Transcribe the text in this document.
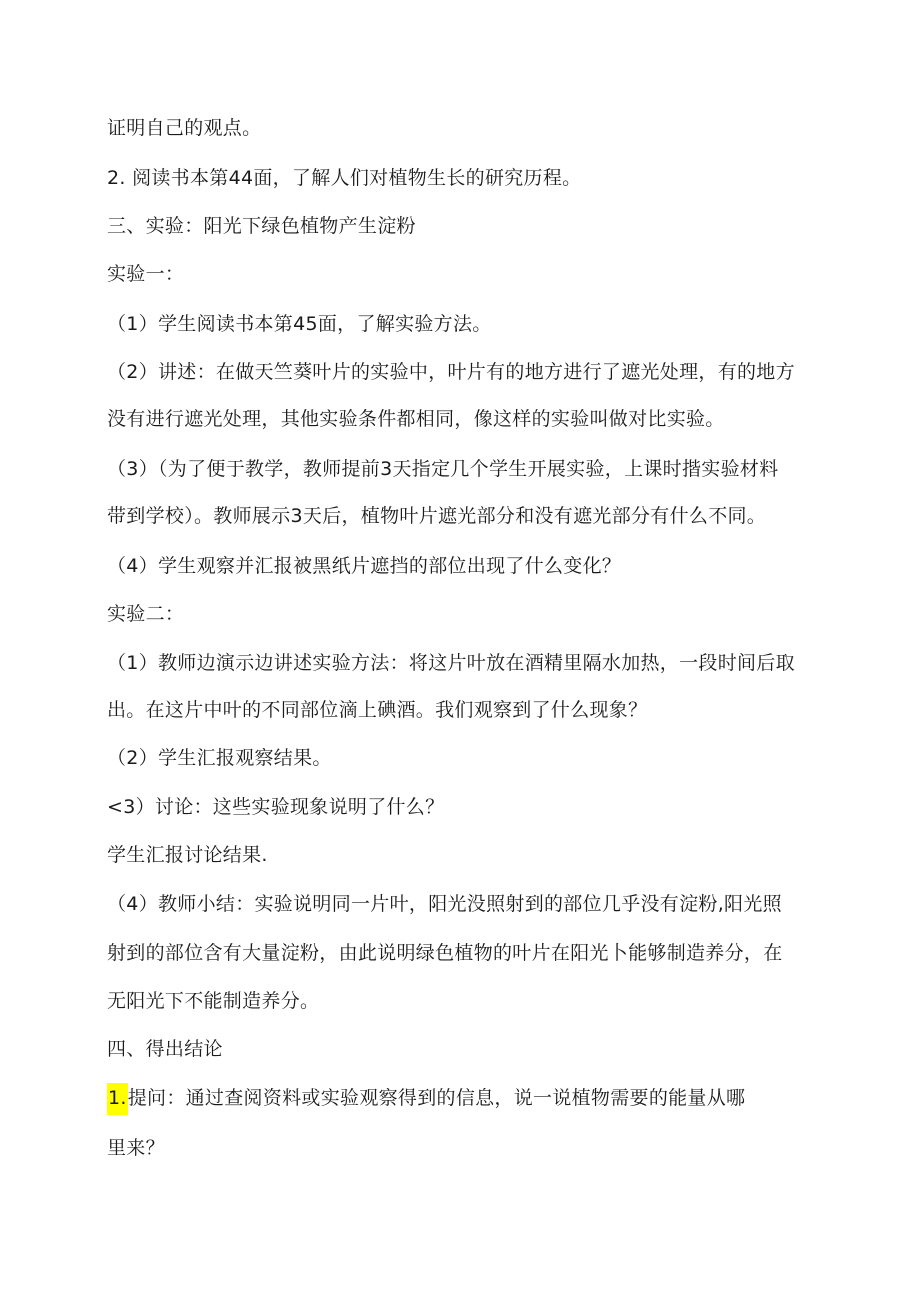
证明自己的观点。
2. 阅读书本第44面，了解人们对植物生长的研究历程。
三、实验：阳光下绿色植物产生淀粉
实验一：
（1）学生阅读书本第45面，了解实验方法。
（2）讲述：在做天竺葵叶片的实验中，叶片有的地方进行了遮光处理，有的地方
没有进行遮光处理，其他实验条件都相同，像这样的实验叫做对比实验。
（3）（为了便于教学，教师提前3天指定几个学生开展实验，上课时揩实验材料
带到学校）。教师展示3天后，植物叶片遮光部分和没有遮光部分有什么不同。
（4）学生观察并汇报被黑纸片遮挡的部位出现了什么变化？
实验二：
（1）教师边演示边讲述实验方法：将这片叶放在酒精里隔水加热，一段时间后取
出。在这片中叶的不同部位滴上碘酒。我们观察到了什么现象？
（2）学生汇报观察结果。
<3）讨论：这些实验现象说明了什么？
学生汇报讨论结果.
（4）教师小结：实验说明同一片叶，阳光没照射到的部位几乎没有淀粉,阳光照
射到的部位含有大量淀粉，由此说明绿色植物的叶片在阳光卜能够制造养分，在
无阳光下不能制造养分。
四、得出结论
1.提问：通过查阅资料或实验观察得到的信息，说一说植物需要的能量从哪
里来？
